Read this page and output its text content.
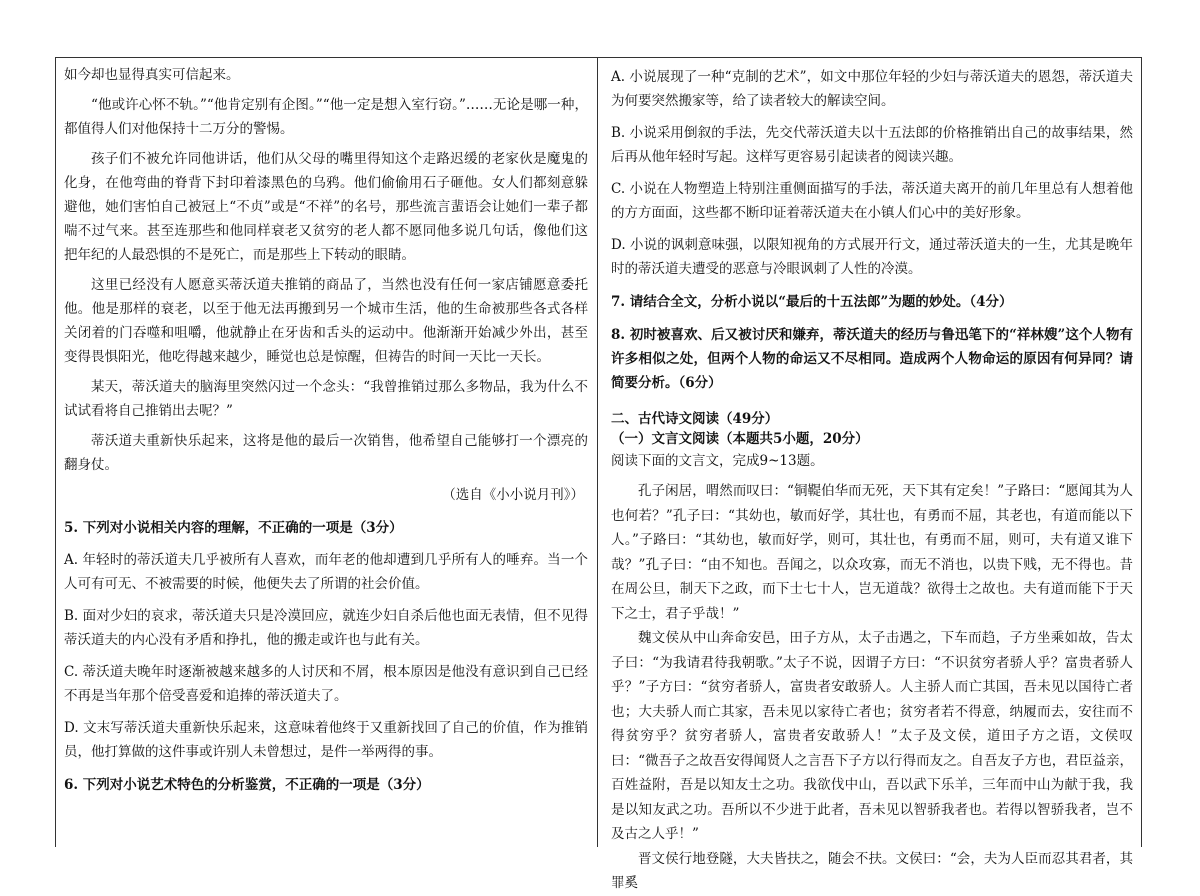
如今却也显得真实可信起来。

“他或许心怀不轨。”“他肯定别有企图。”“他一定是想入室行窃。”……无论是哪一种，都值得人们对他保持十二万分的警惕。

孩子们不被允许同他讲话，他们从父母的嘴里得知这个走路迟缓的老家伙是魔鬼的化身，在他弯曲的脊背下封印着漆黑色的乌鸦。他们偷偷用石子砸他。女人们都刻意躲避他，她们害怕自己被冠上“不贞”或是“不祥”的名号，那些流言蜚语会让她们一辈子都喘不过气来。甚至连那些和他同样衰老又贫穷的老人都不愿同他多说几句话，像他们这把年纪的人最恐惧的不是死亡，而是那些上下转动的眼睛。

这里已经没有人愿意买蒂沃道夫推销的商品了，当然也没有任何一家店铺愿意委托他。他是那样的衰老，以至于他无法再搬到另一个城市生活，他的生命被那些各式各样关闭着的门吞噬和咀嚼，他就静止在牙齿和舌头的运动中。他渐渐开始减少外出，甚至变得畏惧阳光，他吃得越来越少，睡觉也总是惊醒，但祷告的时间一天比一天长。

某天，蒂沃道夫的脑海里突然闪过一个念头：“我曾推销过那么多物品，我为什么不试试看将自己推销出去呢？”

蒂沃道夫重新快乐起来，这将是他的最后一次销售，他希望自己能够打一个漂亮的翻身仗。

（选自《小小说月刊》）

5. 下列对小说相关内容的理解，不正确的一项是（3分）

A. 年轻时的蒂沃道夫几乎被所有人喜欢，而年老的他却遭到几乎所有人的唾弃。当一个人可有可无、不被需要的时候，他便失去了所谓的社会价值。

B. 面对少妇的哀求，蒂沃道夫只是冷漠回应，就连少妇自杀后他也面无表情，但不见得蒂沃道夫的内心没有矛盾和挣扎，他的搬走或许也与此有关。

C. 蒂沃道夫晚年时逐渐被越来越多的人讨厌和不屑，根本原因是他没有意识到自己已经不再是当年那个倍受喜爱和追捧的蒂沃道夫了。

D. 文末写蒂沃道夫重新快乐起来，这意味着他终于又重新找回了自己的价值，作为推销员，他打算做的这件事或许别人未曾想过，是件一举两得的事。

6. 下列对小说艺术特色的分析鉴赏，不正确的一项是（3分）

A. 小说展现了一种“克制的艺术”，如文中那位年轻的少妇与蒂沃道夫的恩怨，蒂沃道夫为何要突然搬家等，给了读者较大的解读空间。

B. 小说采用倒叙的手法，先交代蒂沃道夫以十五法郎的价格推销出自己的故事结果，然后再从他年轻时写起。这样写更容易引起读者的阅读兴趣。

C. 小说在人物塑造上特别注重侧面描写的手法，蒂沃道夫离开的前几年里总有人想着他的方方面面，这些都不断印证着蒂沃道夫在小镇人们心中的美好形象。

D. 小说的讽刺意味强，以限知视角的方式展开行文，通过蒂沃道夫的一生，尤其是晚年时的蒂沃道夫遭受的恶意与冷眼讽刺了人性的冷漠。

7. 请结合全文，分析小说以“最后的十五法郎”为题的妙处。（4分）

8. 初时被喜欢、后又被讨厌和嫌弃，蒂沃道夫的经历与鲁迅笔下的“祥林嫂”这个人物有许多相似之处，但两个人物的命运又不尽相同。造成两个人物命运的原因有何异同？请简要分析。（6分）

二、古代诗文阅读（49分）

（一）文言文阅读（本题共5小题，20分）

阅读下面的文言文，完成9~13题。

孔子闲居，喟然而叹曰：“铜鞮伯华而无死，天下其有定矣！”子路曰：“愿闻其为人也何若？”孔子曰：“其幼也，敏而好学，其壮也，有勇而不屈，其老也，有道而能以下人。”子路曰：“其幼也，敏而好学，则可，其壮也，有勇而不屈，则可，夫有道又谁下哉？”孔子曰：“由不知也。吾闻之，以众攻寡，而无不消也，以贵下贱，无不得也。昔在周公旦，制天下之政，而下士七十人，岂无道哉？欲得士之故也。夫有道而能下于天下之士，君子乎哉！”

魏文侯从中山奔命安邑，田子方从，太子击遇之，下车而趋，子方坐乘如故，告太子曰：“为我请君待我朝歌。”太子不说，因谓子方曰：“不识贫穷者骄人乎？富贵者骄人乎？”子方曰：“贫穷者骄人，富贵者安敢骄人。人主骄人而亡其国，吾未见以国待亡者也；大夫骄人而亡其家，吾未见以家待亡者也；贫穷者若不得意，纳履而去，安往而不得贫穷乎？贫穷者骄人，富贵者安敢骄人！”太子及文侯，道田子方之语，文侯叹曰：“微吾子之故吾安得闻贤人之言吾下子方以行得而友之。自吾友子方也，君臣益亲，百姓益附，吾是以知友士之功。我欲伐中山，吾以武下乐羊，三年而中山为献于我，我是以知友武之功。吾所以不少进于此者，吾未见以智骄我者也。若得以智骄我者，岂不及古之人乎！”

晋文侯行地登隧，大夫皆扶之，随会不扶。文侯曰：“会，夫为人臣而忍其君者，其罪奚
